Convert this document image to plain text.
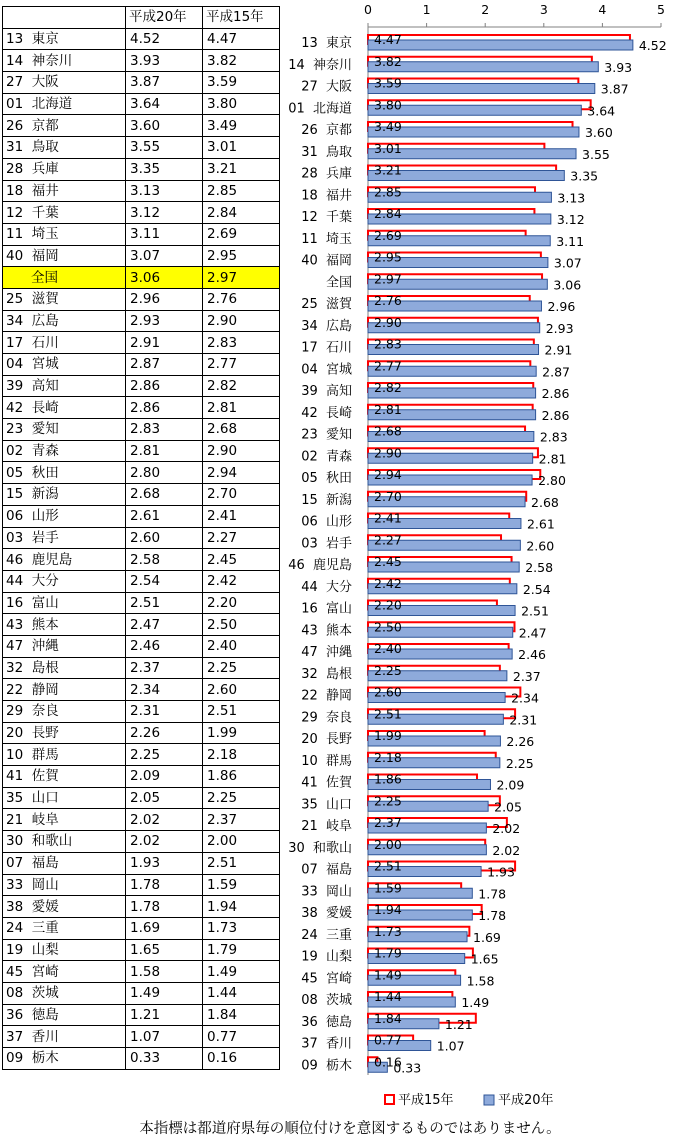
	平成20年	平成15年
13  東京	4.52	4.47
14  神奈川	3.93	3.82
27  大阪	3.87	3.59
01  北海道	3.64	3.80
26  京都	3.60	3.49
31  鳥取	3.55	3.01
28  兵庫	3.35	3.21
18  福井	3.13	2.85
12  千葉	3.12	2.84
11  埼玉	3.11	2.69
40  福岡	3.07	2.95
全国	3.06	2.97
25  滋賀	2.96	2.76
34  広島	2.93	2.90
17  石川	2.91	2.83
04  宮城	2.87	2.77
39  高知	2.86	2.82
42  長崎	2.86	2.81
23  愛知	2.83	2.68
02  青森	2.81	2.90
05  秋田	2.80	2.94
15  新潟	2.68	2.70
06  山形	2.61	2.41
03  岩手	2.60	2.27
46  鹿児島	2.58	2.45
44  大分	2.54	2.42
16  富山	2.51	2.20
43  熊本	2.47	2.50
47  沖縄	2.46	2.40
32  島根	2.37	2.25
22  静岡	2.34	2.60
29  奈良	2.31	2.51
20  長野	2.26	1.99
10  群馬	2.25	2.18
41  佐賀	2.09	1.86
35  山口	2.05	2.25
21  岐阜	2.02	2.37
30  和歌山	2.02	2.00
07  福島	1.93	2.51
33  岡山	1.78	1.59
38  愛媛	1.78	1.94
24  三重	1.69	1.73
19  山梨	1.65	1.79
45  宮崎	1.58	1.49
08  茨城	1.49	1.44
36  徳島	1.21	1.84
37  香川	1.07	0.77
09  栃木	0.33	0.16
0	1	2	3	4	5
13  東京 4.47	4.52
14  神奈川 3.82	3.93
27  大阪 3.59	3.87
01  北海道 3.80	3.64
26  京都 3.49	3.60
31  鳥取 3.01	3.55
28  兵庫 3.21	3.35
18  福井 2.85	3.13
12  千葉 2.84	3.12
11  埼玉 2.69	3.11
40  福岡 2.95	3.07
全国 2.97	3.06
25  滋賀 2.76	2.96
34  広島 2.90	2.93
17  石川 2.83	2.91
04  宮城 2.77	2.87
39  高知 2.82	2.86
42  長崎 2.81	2.86
23  愛知 2.68	2.83
02  青森 2.90	2.81
05  秋田 2.94	2.80
15  新潟 2.70	2.68
06  山形 2.41	2.61
03  岩手 2.27	2.60
46  鹿児島 2.45	2.58
44  大分 2.42	2.54
16  富山 2.20	2.51
43  熊本 2.50	2.47
47  沖縄 2.40	2.46
32  島根 2.25	2.37
22  静岡 2.60	2.34
29  奈良 2.51	2.31
20  長野 1.99	2.26
10  群馬 2.18	2.25
41  佐賀 1.86	2.09
35  山口 2.25	2.05
21  岐阜 2.37	2.02
30  和歌山 2.00	2.02
07  福島 2.51	1.93
33  岡山 1.59	1.78
38  愛媛 1.94	1.78
24  三重 1.73	1.69
19  山梨 1.79	1.65
45  宮崎 1.49	1.58
08  茨城 1.44	1.49
36  徳島 1.84	1.21
37  香川 0.77	1.07
09  栃木 0.16
0.33
平成15年	平成20年
本指標は都道府県毎の順位付けを意図するものではありません。
